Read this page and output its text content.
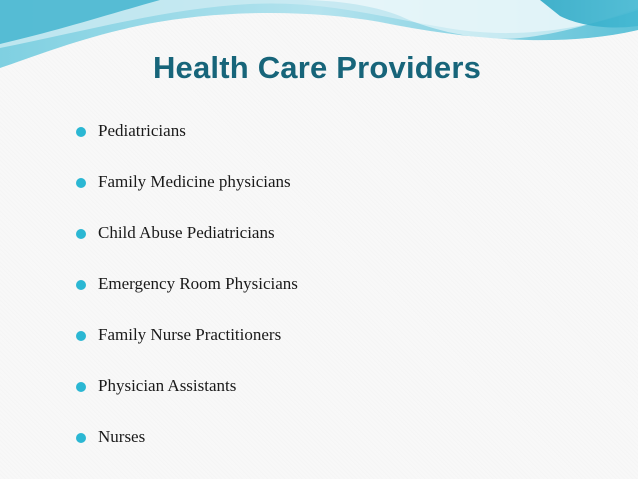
Health Care Providers
Pediatricians
Family Medicine physicians
Child Abuse Pediatricians
Emergency Room Physicians
Family Nurse Practitioners
Physician Assistants
Nurses
